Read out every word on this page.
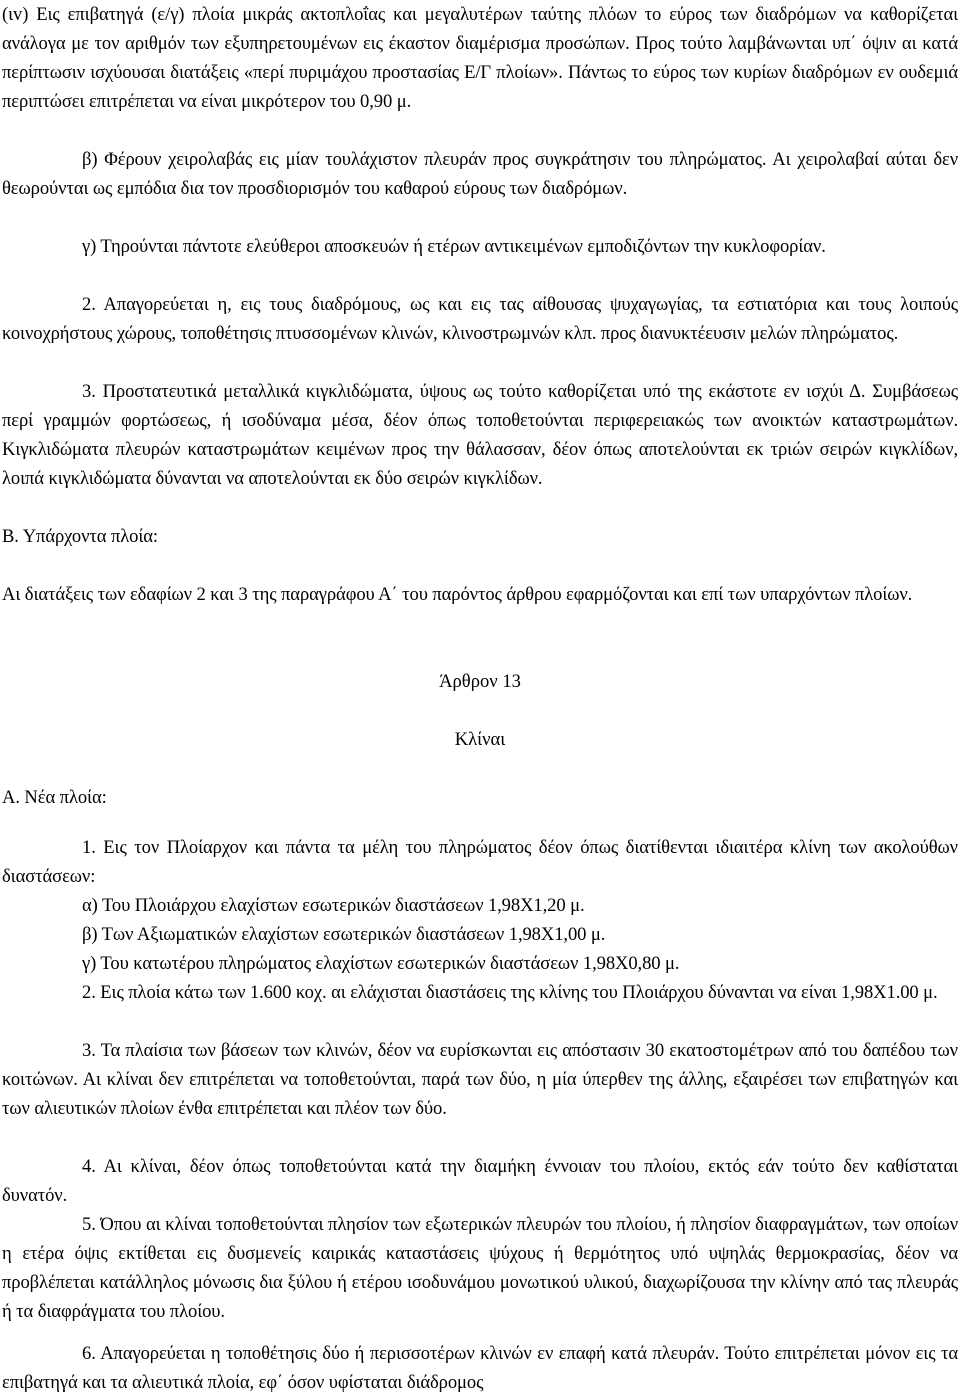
(ιv) Εις επιβατηγά (ε/γ) πλοία μικράς ακτοπλοΐας και μεγαλυτέρων ταύτης πλόων το εύρος των διαδρόμων να καθορίζεται ανάλογα με τον αριθμόν των εξυπηρετουμένων εις έκαστον διαμέρισμα προσώπων. Προς τούτο λαμβάνωνται υπ΄ όψιν αι κατά περίπτωσιν ισχύουσαι διατάξεις «περί πυριμάχου προστασίας Ε/Γ πλοίων». Πάντως το εύρος των κυρίων διαδρόμων εν ουδεμιά περιπτώσει επιτρέπεται να είναι μικρότερον του 0,90 μ.

β) Φέρουν χειρολαβάς εις μίαν τουλάχιστον πλευράν προς συγκράτησιν του πληρώματος. Αι χειρολαβαί αύται δεν θεωρούνται ως εμπόδια δια τον προσδιορισμόν του καθαρού εύρους των διαδρόμων.

γ) Τηρούνται πάντοτε ελεύθεροι αποσκευών ή ετέρων αντικειμένων εμποδιζόντων την κυκλοφορίαν.

2. Απαγορεύεται η, εις τους διαδρόμους, ως και εις τας αίθουσας ψυχαγωγίας, τα εστιατόρια και τους λοιπούς κοινοχρήστους χώρους, τοποθέτησις πτυσσομένων κλινών, κλινοστρωμνών κλπ. προς διανυκτέευσιν μελών πληρώματος.

3. Προστατευτικά μεταλλικά κιγκλιδώματα, ύψους ως τούτο καθορίζεται υπό της εκάστοτε εν ισχύι Δ. Συμβάσεως περί γραμμών φορτώσεως, ή ισοδύναμα μέσα, δέον όπως τοποθετούνται περιφερειακώς των ανοικτών καταστρωμάτων. Κιγκλιδώματα πλευρών καταστρωμάτων κειμένων προς την θάλασσαν, δέον όπως αποτελούνται εκ τριών σειρών κιγκλίδων, λοιπά κιγκλιδώματα δύνανται να αποτελούνται εκ δύο σειρών κιγκλίδων.

Β. Υπάρχοντα πλοία:

Αι διατάξεις των εδαφίων 2 και 3 της παραγράφου Α΄ του παρόντος άρθρου εφαρμόζονται και επί των υπαρχόντων πλοίων.

Άρθρον 13

Κλίναι

Α. Νέα πλοία:

1. Εις τον Πλοίαρχον και πάντα τα μέλη του πληρώματος δέον όπως διατίθενται ιδιαιτέρα κλίνη των ακολούθων διαστάσεων:

α) Του Πλοιάρχου ελαχίστων εσωτερικών διαστάσεων 1,98Χ1,20 μ.

β) Των Αξιωματικών ελαχίστων εσωτερικών διαστάσεων 1,98Χ1,00 μ.

γ) Του κατωτέρου πληρώματος ελαχίστων εσωτερικών διαστάσεων 1,98Χ0,80 μ.

2. Εις πλοία κάτω των 1.600 κοχ. αι ελάχισται διαστάσεις της κλίνης του Πλοιάρχου δύνανται να είναι 1,98Χ1.00 μ.

3. Τα πλαίσια των βάσεων των κλινών, δέον να ευρίσκωνται εις απόστασιν 30 εκατοστομέτρων από του δαπέδου των κοιτώνων. Αι κλίναι δεν επιτρέπεται να τοποθετούνται, παρά των δύο, η μία ύπερθεν της άλλης, εξαιρέσει των επιβατηγών και των αλιευτικών πλοίων ένθα επιτρέπεται και πλέον των δύο.

4. Αι κλίναι, δέον όπως τοποθετούνται κατά την διαμήκη έννοιαν του πλοίου, εκτός εάν τούτο δεν καθίσταται δυνατόν.

5. Όπου αι κλίναι τοποθετούνται πλησίον των εξωτερικών πλευρών του πλοίου, ή πλησίον διαφραγμάτων, των οποίων η ετέρα όψις εκτίθεται εις δυσμενείς καιρικάς καταστάσεις ψύχους ή θερμότητος υπό υψηλάς θερμοκρασίας, δέον να προβλέπεται κατάλληλος μόνωσις δια ξύλου ή ετέρου ισοδυνάμου μονωτικού υλικού, διαχωρίζουσα την κλίνην από τας πλευράς ή τα διαφράγματα του πλοίου.

6. Απαγορεύεται η τοποθέτησις δύο ή περισσοτέρων κλινών εν επαφή κατά πλευράν. Τούτο επιτρέπεται μόνον εις τα επιβατηγά και τα αλιευτικά πλοία, εφ΄ όσον υφίσταται διάδρομος
